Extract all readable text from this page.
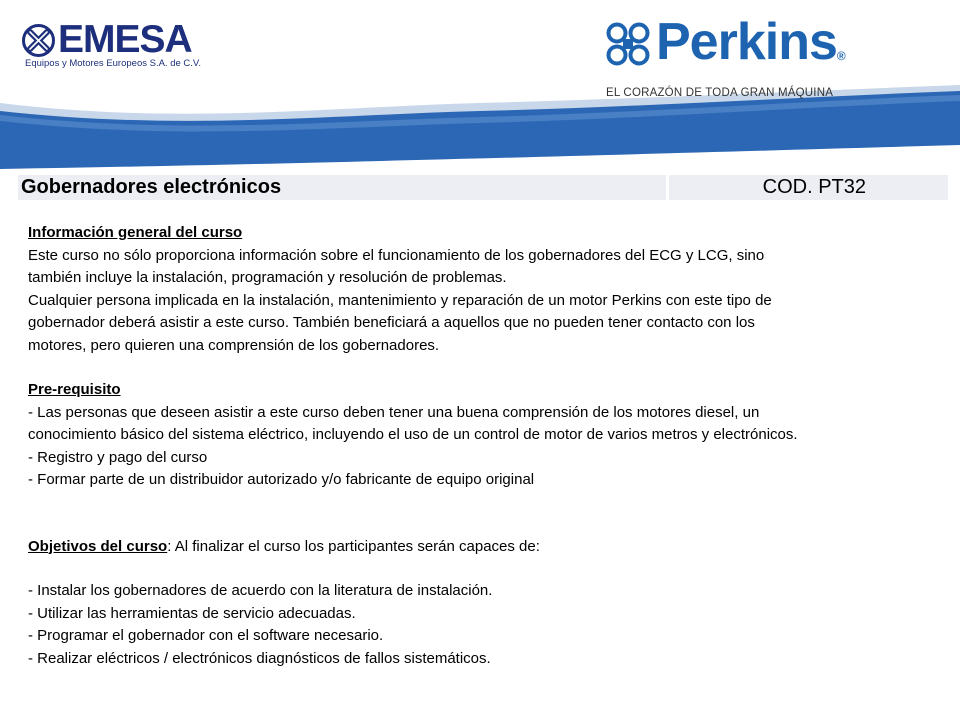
EMESA
Equipos y Motores Europeos S.A. de C.V.	Perkins®
EL CORAZÓN DE TODA GRAN MÁQUINA
Gobernadores electrónicos	COD. PT32

Información general del curso

Este curso no sólo proporciona información sobre el funcionamiento de los gobernadores del ECG y LCG, sino

también incluye la instalación, programación y resolución de problemas.

Cualquier persona implicada en la instalación, mantenimiento y reparación de un motor Perkins con este tipo de

gobernador deberá asistir a este curso. También beneficiará a aquellos que no pueden tener contacto con los

motores, pero quieren una comprensión de los gobernadores.

Pre-requisito

- Las personas que deseen asistir a este curso deben tener una buena comprensión de los motores diesel, un

conocimiento básico del sistema eléctrico, incluyendo el uso de un control de motor de varios metros y electrónicos.

- Registro y pago del curso

- Formar parte de un distribuidor autorizado y/o fabricante de equipo original

Objetivos del curso: Al finalizar el curso los participantes serán capaces de:

- Instalar los gobernadores de acuerdo con la literatura de instalación.

- Utilizar las herramientas de servicio adecuadas.

- Programar el gobernador con el software necesario.

- Realizar eléctricos / electrónicos diagnósticos de fallos sistemáticos.
